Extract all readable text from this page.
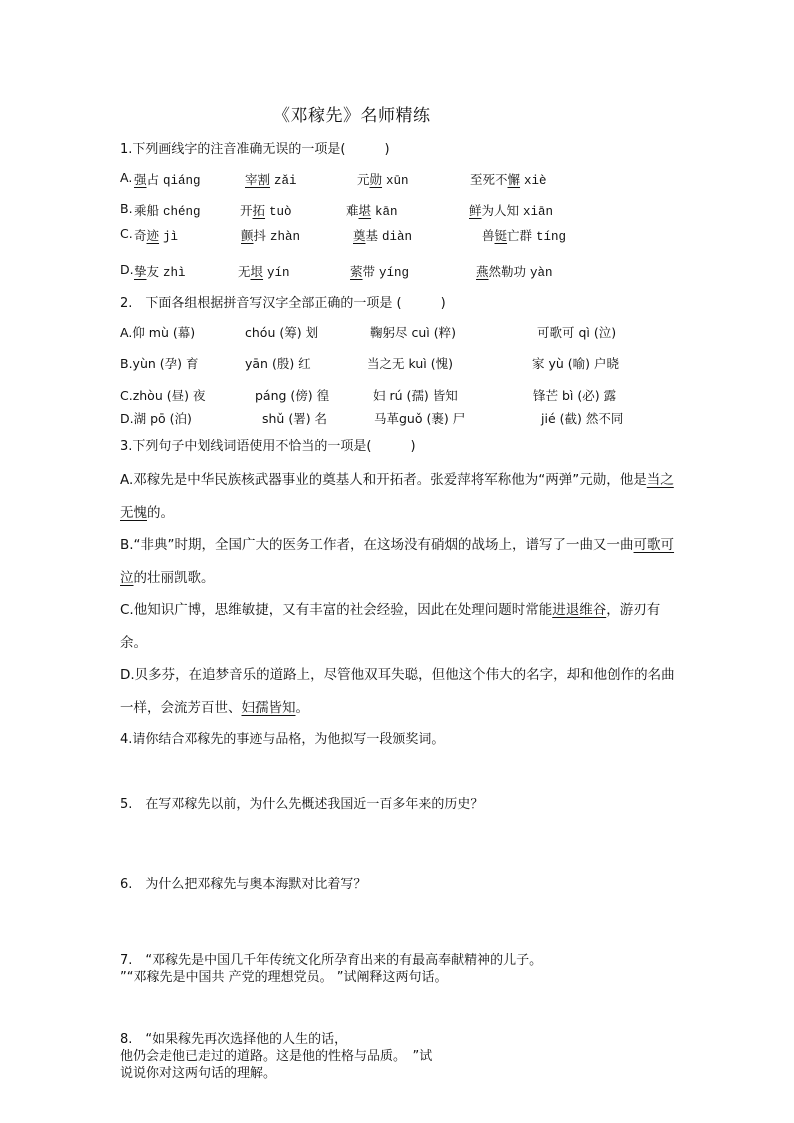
《邓稼先》名师精练
1.下列画线字的注音准确无误的一项是(　　　)
A. 强占 qiáng	宰割 zǎi	元勋 xūn	至死不懈 xiè
B. 乘船 chéng	开拓 tuò	难堪 kān	鲜为人知 xiān
C. 奇迹 jì	颤抖 zhàn	奠基 diàn	兽铤亡群 tíng
D. 挚友 zhì	无垠 yín	萦带 yíng	燕然勒功 yàn
2.　下面各组根据拼音写汉字全部正确的一项是 (　　　)
A.仰 mù (幕)	chóu (筹) 划	鞠躬尽 cuì (粹)	可歌可 qì (泣)
B.yùn (孕) 育	yān (殷) 红	当之无 kuì (愧)	家 yù (喻) 户晓
C.zhòu (昼) 夜	páng (傍) 徨	妇 rú (孺) 皆知	锋芒 bì (必) 露
D.湖 pō (泊)	shǔ (署) 名	马革guǒ (裹) 尸	jié (截) 然不同
3.下列句子中划线词语使用不恰当的一项是(　　　)
A.邓稼先是中华民族核武器事业的奠基人和开拓者。张爱萍将军称他为“两弹”元勋，他是当之无愧的。
B.“非典”时期，全国广大的医务工作者，在这场没有硝烟的战场上，谱写了一曲又一曲可歌可泣的壮丽凯歌。
C.他知识广博，思维敏捷，又有丰富的社会经验，因此在处理问题时常能进退维谷，游刃有余。
D.贝多芬，在追梦音乐的道路上，尽管他双耳失聪，但他这个伟大的名字，却和他创作的名曲一样，会流芳百世、妇孺皆知。
4.请你结合邓稼先的事迹与品格，为他拟写一段颁奖词。
5.　在写邓稼先以前，为什么先概述我国近一百多年来的历史？
6.　为什么把邓稼先与奥本海默对比着写？
7.　“邓稼先是中国几千年传统文化所孕育出来的有最高奉献精神的儿子。
”“邓稼先是中国共 产党的理想党员。 ”试阐释这两句话。
8.　“如果稼先再次选择他的人生的话，
他仍会走他已走过的道路。这是他的性格与品质。　”试
说说你对这两句话的理解。
